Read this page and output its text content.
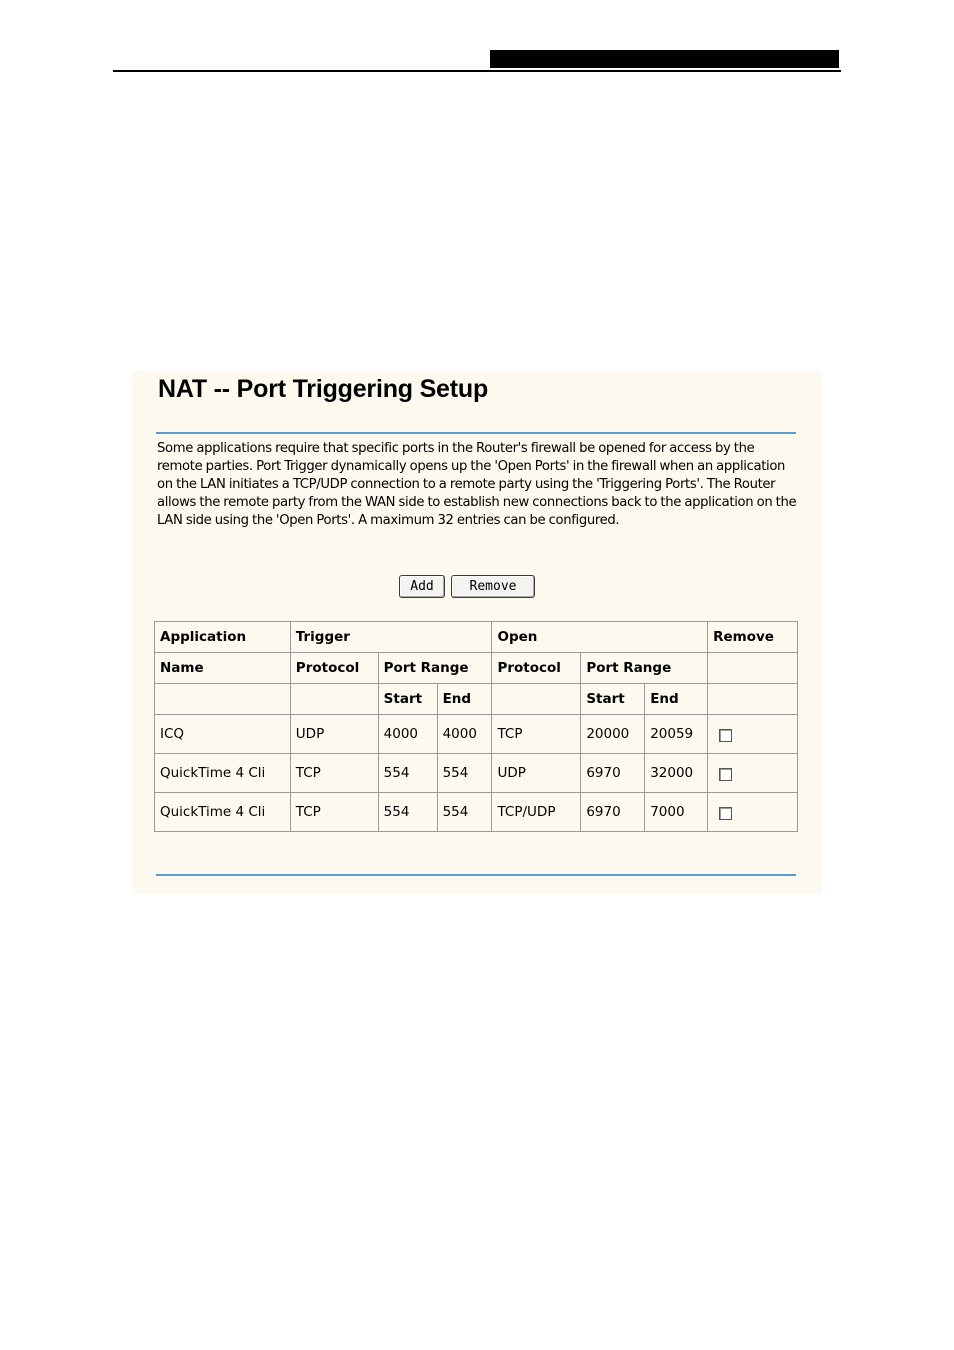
NAT -- Port Triggering Setup
Some applications require that specific ports in the Router's firewall be opened for access by the remote parties. Port Trigger dynamically opens up the 'Open Ports' in the firewall when an application on the LAN initiates a TCP/UDP connection to a remote party using the 'Triggering Ports'. The Router allows the remote party from the WAN side to establish new connections back to the application on the LAN side using the 'Open Ports'. A maximum 32 entries can be configured.
Add	Remove
Application	Trigger			Open			Remove
Name	Protocol	Port Range		Protocol	Port Range		
		Start	End		Start	End	
ICQ	UDP	4000	4000	TCP	20000	20059	
QuickTime 4 Cli	TCP	554	554	UDP	6970	32000	
QuickTime 4 Cli	TCP	554	554	TCP/UDP	6970	7000	
